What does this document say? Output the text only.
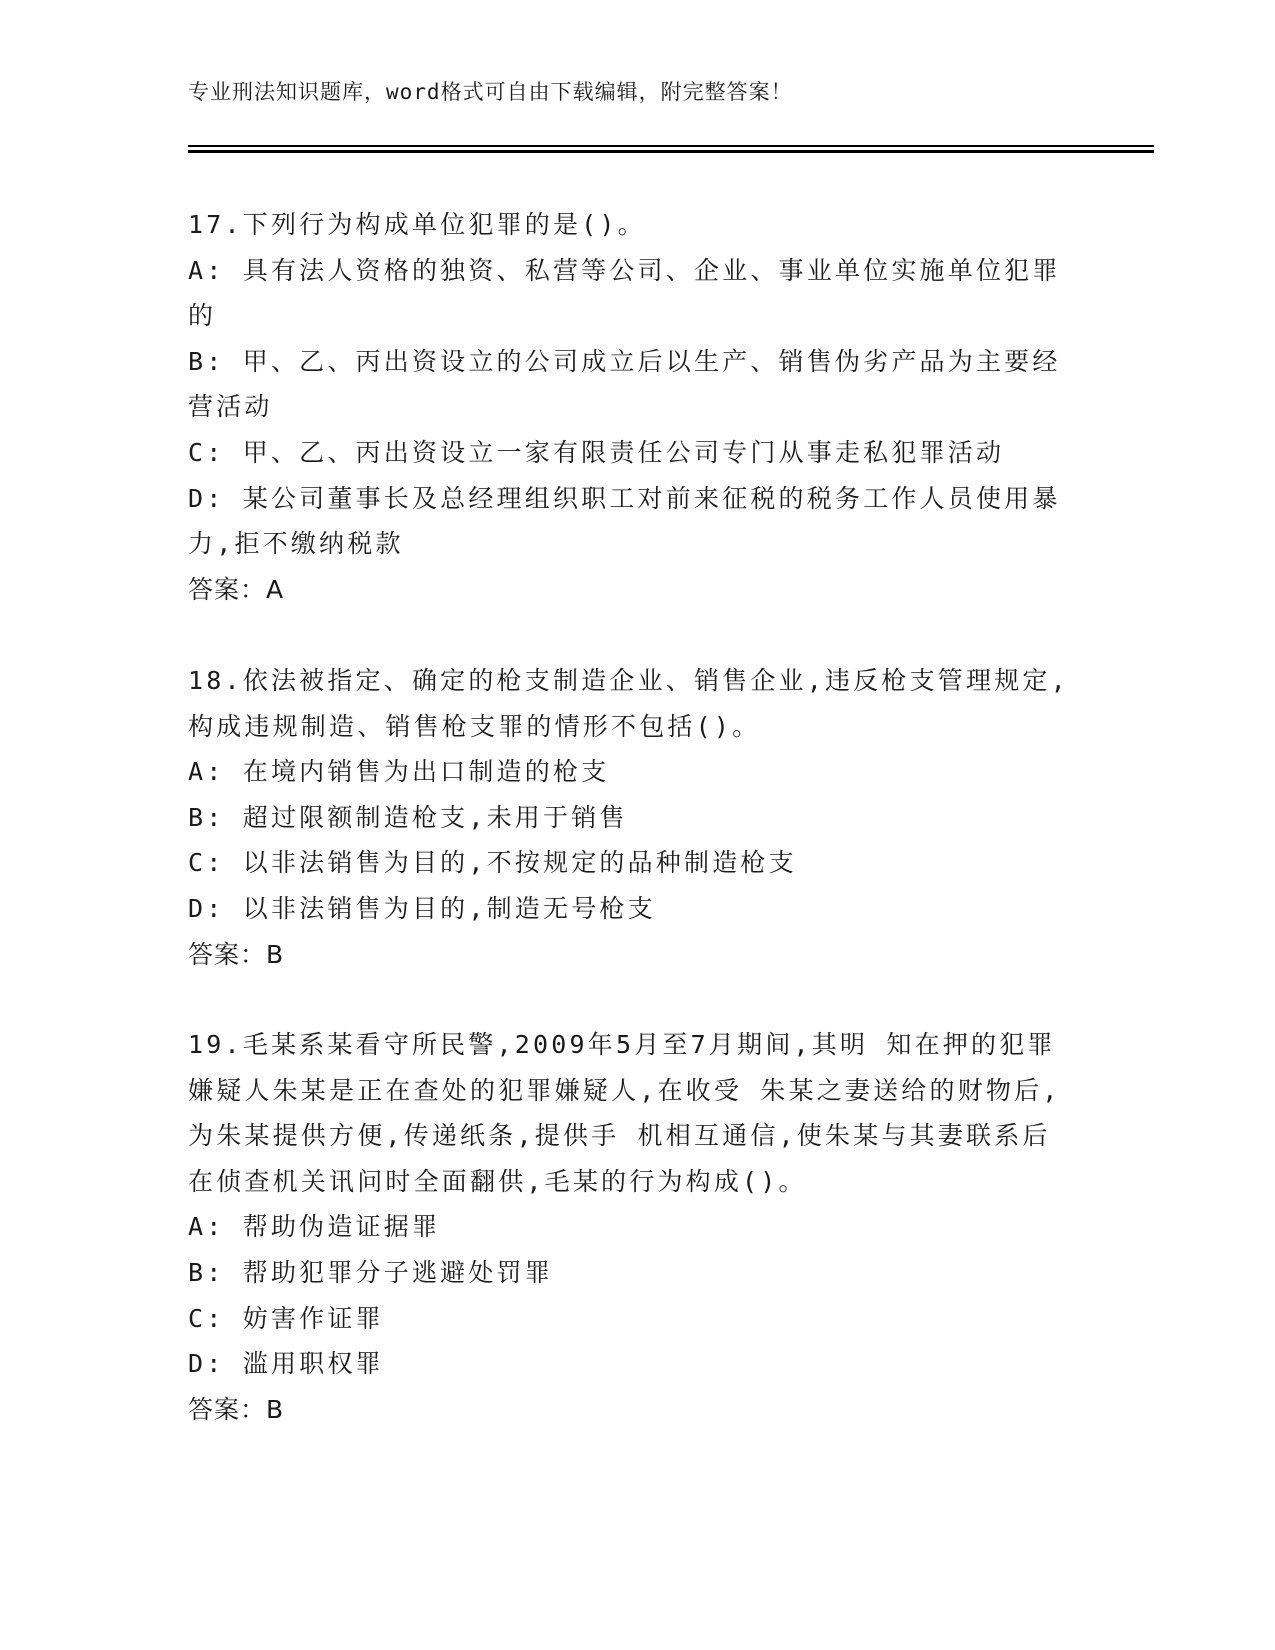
专业刑法知识题库，word格式可自由下载编辑，附完整答案！
17.下列行为构成单位犯罪的是()。
A: 具有法人资格的独资、私营等公司、企业、事业单位实施单位犯罪
的
B: 甲、乙、丙出资设立的公司成立后以生产、销售伪劣产品为主要经
营活动
C: 甲、乙、丙出资设立一家有限责任公司专门从事走私犯罪活动
D: 某公司董事长及总经理组织职工对前来征税的税务工作人员使用暴
力,拒不缴纳税款
答案：A
18.依法被指定、确定的枪支制造企业、销售企业,违反枪支管理规定,
构成违规制造、销售枪支罪的情形不包括()。
A: 在境内销售为出口制造的枪支
B: 超过限额制造枪支,未用于销售
C: 以非法销售为目的,不按规定的品种制造枪支
D: 以非法销售为目的,制造无号枪支
答案：B
19.毛某系某看守所民警,2009年5月至7月期间,其明 知在押的犯罪
嫌疑人朱某是正在查处的犯罪嫌疑人,在收受 朱某之妻送给的财物后,
为朱某提供方便,传递纸条,提供手 机相互通信,使朱某与其妻联系后
在侦查机关讯问时全面翻供,毛某的行为构成()。
A: 帮助伪造证据罪
B: 帮助犯罪分子逃避处罚罪
C: 妨害作证罪
D: 滥用职权罪
答案：B
